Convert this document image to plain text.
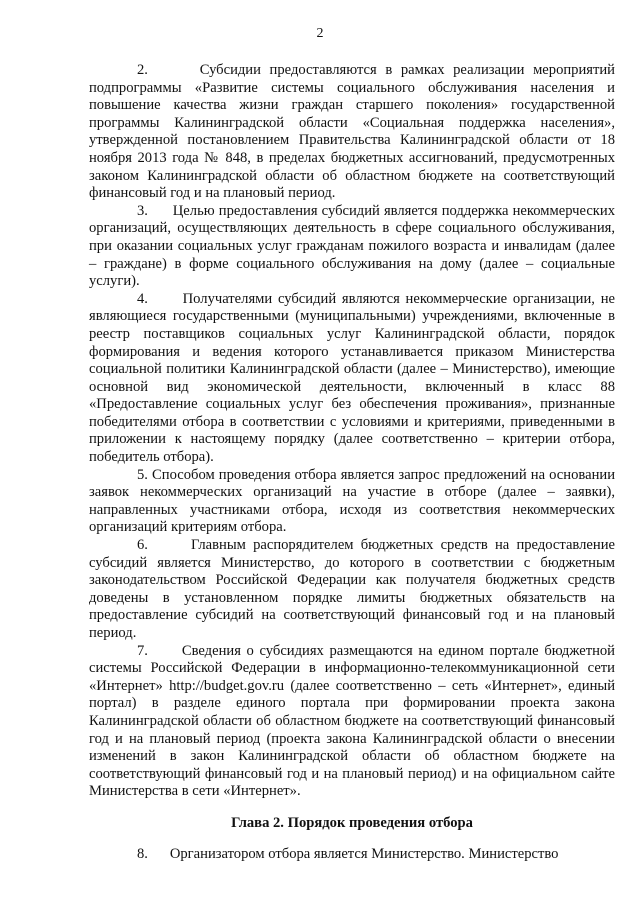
2

2.      Субсидии предоставляются в рамках реализации мероприятий подпрограммы «Развитие системы социального обслуживания населения и повышение качества жизни граждан старшего поколения» государственной программы Калининградской области «Социальная поддержка населения», утвержденной постановлением Правительства Калининградской области от 18 ноября 2013 года № 848, в пределах бюджетных ассигнований, предусмотренных законом Калининградской области об областном бюджете на соответствующий финансовый год и на плановый период.

3.      Целью предоставления субсидий является поддержка некоммерческих организаций, осуществляющих деятельность в сфере социального обслуживания, при оказании социальных услуг гражданам пожилого возраста и инвалидам (далее – граждане) в форме социального обслуживания на дому (далее – социальные услуги).

4.      Получателями субсидий являются некоммерческие организации, не являющиеся государственными (муниципальными) учреждениями, включенные в реестр поставщиков социальных услуг Калининградской области, порядок формирования и ведения которого устанавливается приказом Министерства социальной политики Калининградской области (далее – Министерство), имеющие основной вид экономической деятельности, включенный в класс 88 «Предоставление социальных услуг без обеспечения проживания», признанные победителями отбора в соответствии с условиями и критериями, приведенными в приложении к настоящему порядку (далее соответственно – критерии отбора, победитель отбора).

5. Способом проведения отбора является запрос предложений на основании заявок некоммерческих организаций на участие в отборе (далее – заявки), направленных участниками отбора, исходя из соответствия некоммерческих организаций критериям отбора.

6.      Главным распорядителем бюджетных средств на предоставление субсидий является Министерство, до которого в соответствии с бюджетным законодательством Российской Федерации как получателя бюджетных средств доведены в установленном порядке лимиты бюджетных обязательств на предоставление субсидий на соответствующий финансовый год и на плановый период.

7.      Сведения о субсидиях размещаются на едином портале бюджетной системы Российской Федерации в информационно-телекоммуникационной сети «Интернет» http://budget.gov.ru (далее соответственно – сеть «Интернет», единый портал) в разделе единого портала при формировании проекта закона Калининградской области об областном бюджете на соответствующий финансовый год и на плановый период (проекта закона Калининградской области о внесении изменений в закон Калининградской области об областном бюджете на соответствующий финансовый год и на плановый период) и на официальном сайте Министерства в сети «Интернет».

Глава 2. Порядок проведения отбора

8.      Организатором отбора является Министерство. Министерство
